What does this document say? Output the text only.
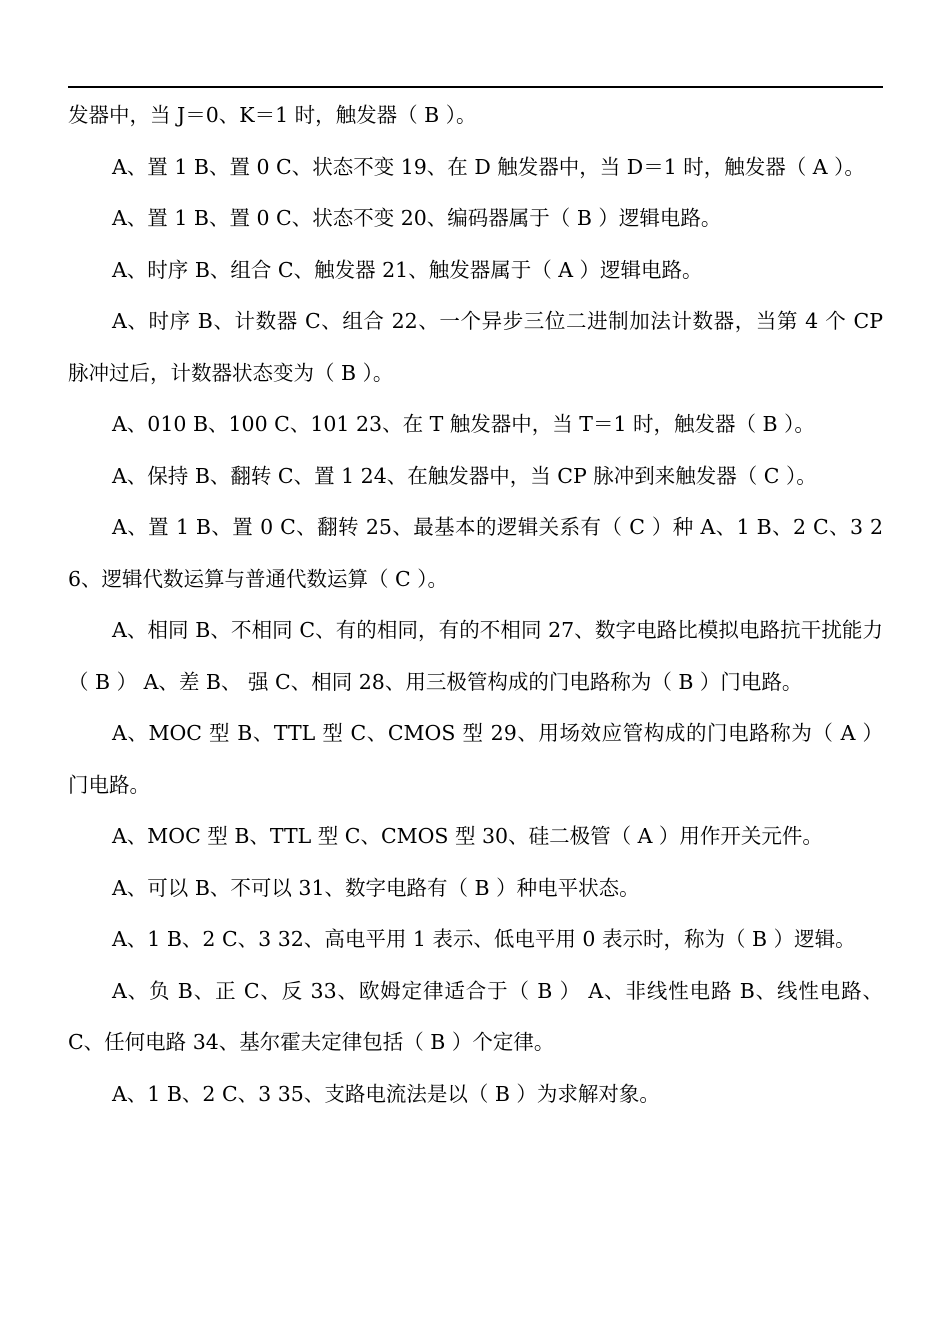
发器中，当 J＝0、K＝1 时，触发器（ B ）。

A、置 1 B、置 0 C、状态不变 19、在 D 触发器中，当 D＝1 时，触发器（ A ）。

A、置 1 B、置 0 C、状态不变 20、编码器属于（ B ）逻辑电路。

A、时序 B、组合 C、触发器 21、触发器属于（ A ）逻辑电路。

A、时序 B、计数器 C、组合 22、一个异步三位二进制加法计数器，当第 4 个 CP 脉冲过后，计数器状态变为（ B ）。

A、010 B、100 C、101 23、在 T 触发器中，当 T＝1 时，触发器（ B ）。

A、保持 B、翻转 C、置 1 24、在触发器中，当 CP 脉冲到来触发器（ C ）。

A、置 1 B、置 0 C、翻转 25、最基本的逻辑关系有（ C ）种 A、1 B、2 C、3 26、逻辑代数运算与普通代数运算（ C ）。

A、相同 B、不相同 C、有的相同，有的不相同 27、数字电路比模拟电路抗干扰能力（ B ） A、差 B、 强 C、相同 28、用三极管构成的门电路称为（ B ）门电路。

A、MOC 型 B、TTL 型 C、CMOS 型 29、用场效应管构成的门电路称为（ A ）门电路。

A、MOC 型 B、TTL 型 C、CMOS 型 30、硅二极管（ A ）用作开关元件。

A、可以 B、不可以 31、数字电路有（ B ）种电平状态。

A、1 B、2 C、3 32、高电平用 1 表示、低电平用 0 表示时，称为（ B ）逻辑。

A、负 B、正 C、反 33、欧姆定律适合于（ B ） A、非线性电路 B、线性电路、 C、任何电路 34、基尔霍夫定律包括（ B ）个定律。

A、1 B、2 C、3 35、支路电流法是以（ B ）为求解对象。
